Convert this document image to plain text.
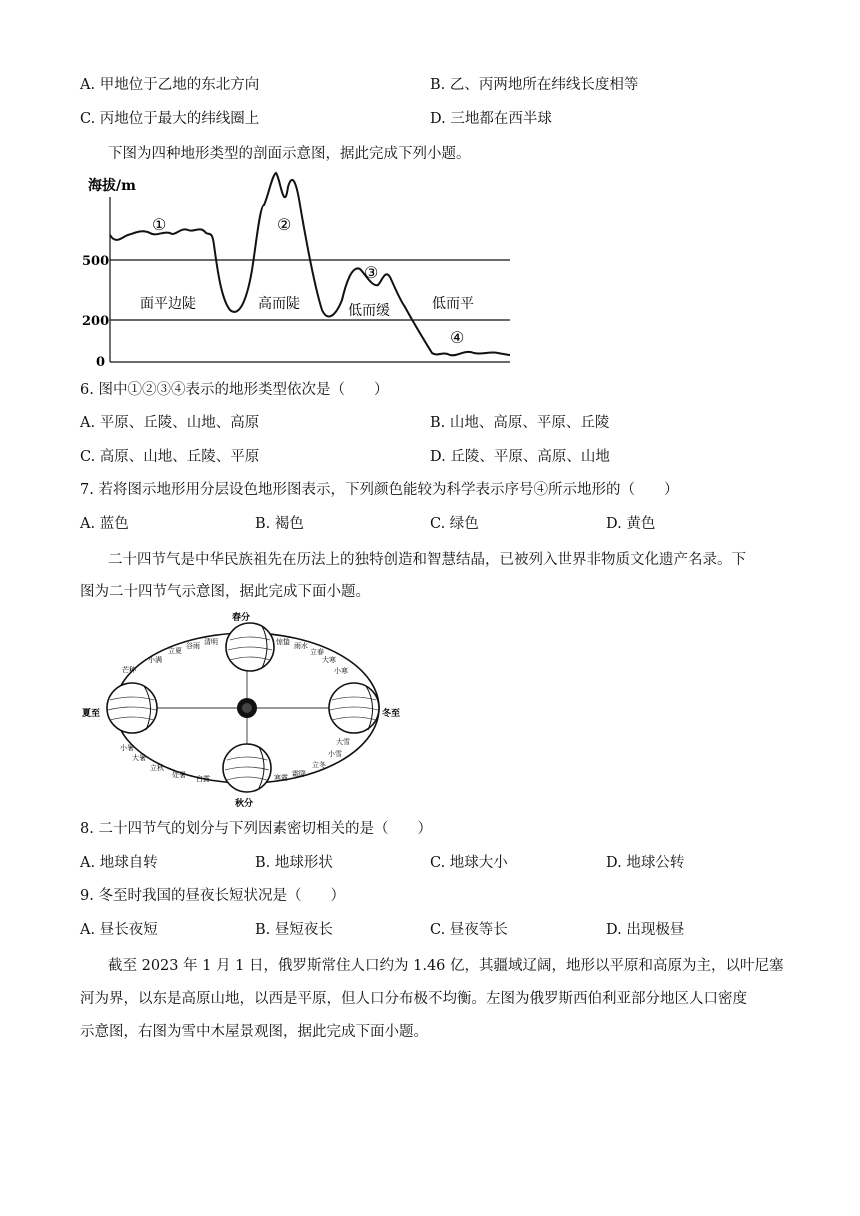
A. 甲地位于乙地的东北方向	B. 乙、丙两地所在纬线长度相等
C. 丙地位于最大的纬线圈上	D. 三地都在西半球
下图为四种地形类型的剖面示意图，据此完成下列小题。
海拔/m
500
200
0
①	②
③
④
面平边陡	高而陡	低而缓	低而平
6. 图中①②③④表示的地形类型依次是（　　）
A. 平原、丘陵、山地、高原	B. 山地、高原、平原、丘陵
C. 高原、山地、丘陵、平原	D. 丘陵、平原、高原、山地
7. 若将图示地形用分层设色地形图表示，下列颜色能较为科学表示序号④所示地形的（　　）
A. 蓝色	B. 褐色	C. 绿色	D. 黄色
二十四节气是中华民族祖先在历法上的独特创造和智慧结晶，已被列入世界非物质文化遗产名录。下
图为二十四节气示意图，据此完成下面小题。
春分
夏至
秋分
冬至
芒种
小满
立夏
谷雨 清明	惊蛰 雨水
立春
大寒
小寒
小暑
大暑
立秋
处暑 白露
大雪
小雪
立冬
霜降
寒露
8. 二十四节气的划分与下列因素密切相关的是（　　）
A. 地球自转	B. 地球形状	C. 地球大小	D. 地球公转
9. 冬至时我国的昼夜长短状况是（　　）
A. 昼长夜短	B. 昼短夜长	C. 昼夜等长	D. 出现极昼
截至 2023 年 1 月 1 日，俄罗斯常住人口约为 1.46 亿，其疆域辽阔，地形以平原和高原为主，以叶尼塞
河为界，以东是高原山地，以西是平原，但人口分布极不均衡。左图为俄罗斯西伯利亚部分地区人口密度
示意图，右图为雪中木屋景观图，据此完成下面小题。
